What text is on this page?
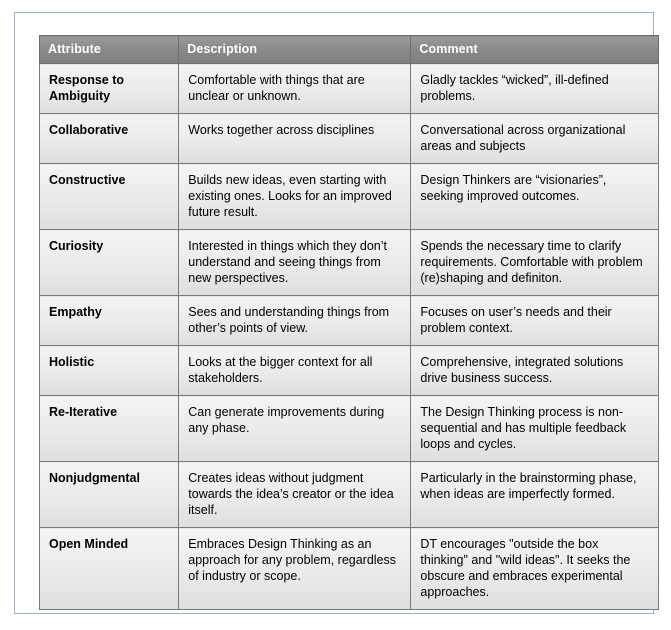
Attribute	Description	Comment
Response to Ambiguity	Comfortable with things that are unclear or unknown.	Gladly tackles “wicked”, ill-defined problems.
Collaborative	Works together across disciplines	Conversational across organizational areas and subjects
Constructive	Builds new ideas, even starting with existing ones. Looks for an improved future result.	Design Thinkers are “visionaries”, seeking improved outcomes.
Curiosity	Interested in things which they don’t understand and seeing things from new perspectives.	Spends the necessary time to clarify requirements. Comfortable with problem (re)shaping and definiton.
Empathy	Sees and understanding things from other’s points of view.	Focuses on user’s needs and their problem context.
Holistic	Looks at the bigger context for all stakeholders.	Comprehensive, integrated solutions drive business success.
Re-Iterative	Can generate improvements during any phase.	The Design Thinking process is non-sequential and has multiple feedback loops and cycles.
Nonjudgmental	Creates ideas without judgment towards the idea’s creator or the idea itself.	Particularly in the brainstorming phase, when ideas are imperfectly formed.
Open Minded	Embraces Design Thinking as an approach for any problem, regardless of industry or scope.	DT encourages "outside the box thinking" and "wild ideas". It seeks the obscure and embraces experimental approaches.
